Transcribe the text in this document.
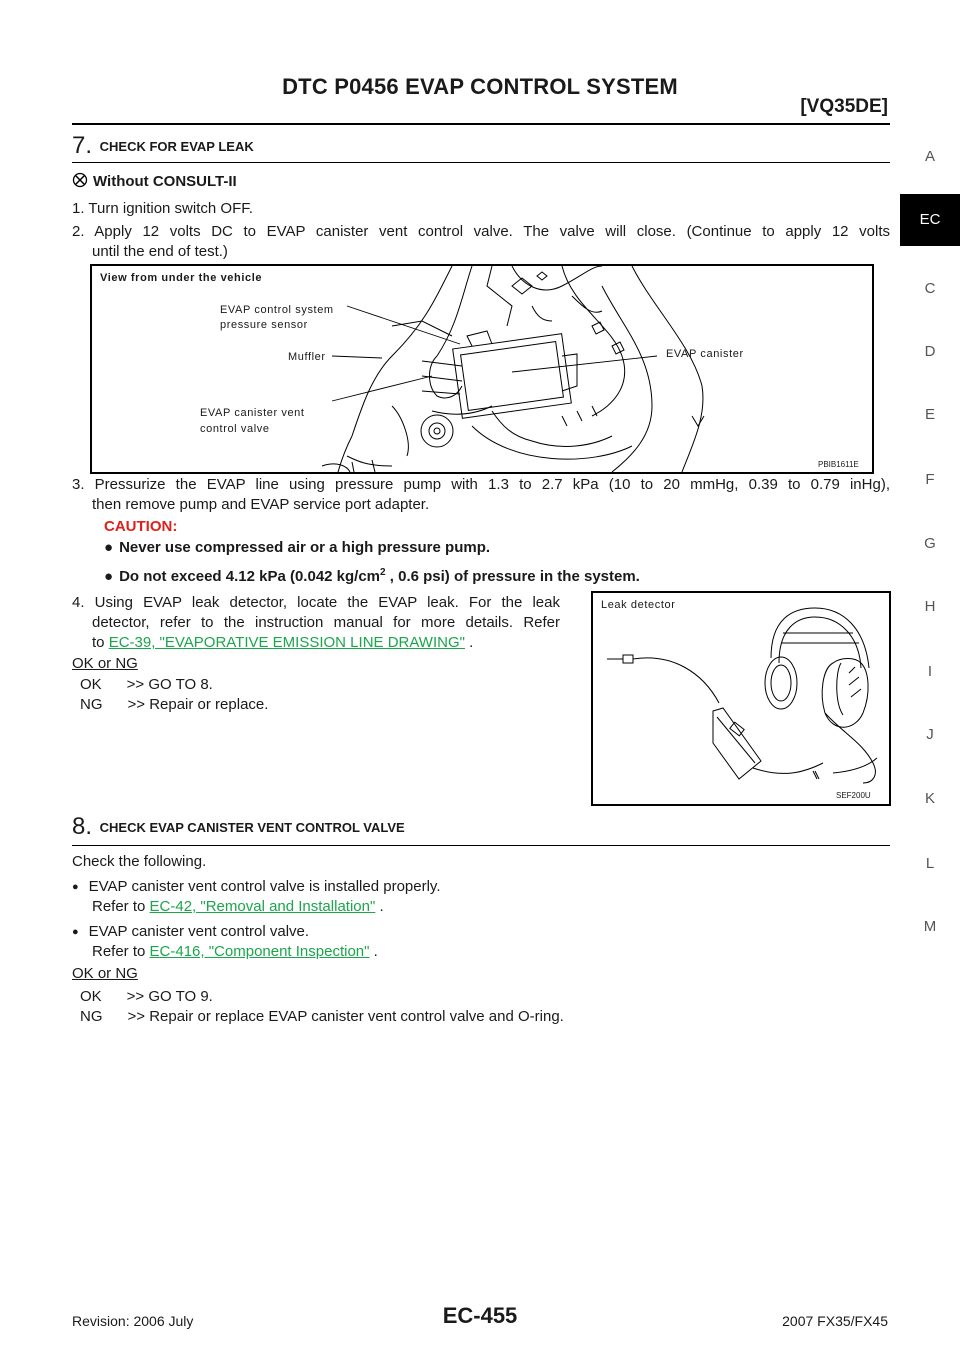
DTC P0456 EVAP CONTROL SYSTEM
[VQ35DE]
A
EC
C
D
E
F
G
H
I
J
K
L
M
7. CHECK FOR EVAP LEAK
Without CONSULT-II
1. Turn ignition switch OFF.
2. Apply 12 volts DC to EVAP canister vent control valve. The valve will close. (Continue to apply 12 volts
until the end of test.)
View from under the vehicle
EVAP control system
pressure sensor
Muffler	EVAP canister
EVAP canister vent
control valve
PBIB1611E
3. Pressurize the EVAP line using pressure pump with 1.3 to 2.7 kPa (10 to 20 mmHg, 0.39 to 0.79 inHg),
then remove pump and EVAP service port adapter.
CAUTION:
● Never use compressed air or a high pressure pump.
● Do not exceed 4.12 kPa (0.042 $kg/cm^2$ , 0.6 psi) of pressure in the system.
4. Using EVAP leak detector, locate the EVAP leak. For the leak
detector, refer to the instruction manual for more details. Refer
to EC-39, "EVAPORATIVE EMISSION LINE DRAWING" .
OK or NG
OK      >> GO TO 8.
NG      >> Repair or replace.
Leak detector
SEF200U
8. CHECK EVAP CANISTER VENT CONTROL VALVE
Check the following.
● EVAP canister vent control valve is installed properly.
Refer to EC-42, "Removal and Installation" .
● EVAP canister vent control valve.
Refer to EC-416, "Component Inspection" .
OK or NG
OK      >> GO TO 9.
NG      >> Repair or replace EVAP canister vent control valve and O-ring.
Revision: 2006 July	EC-455	2007 FX35/FX45
